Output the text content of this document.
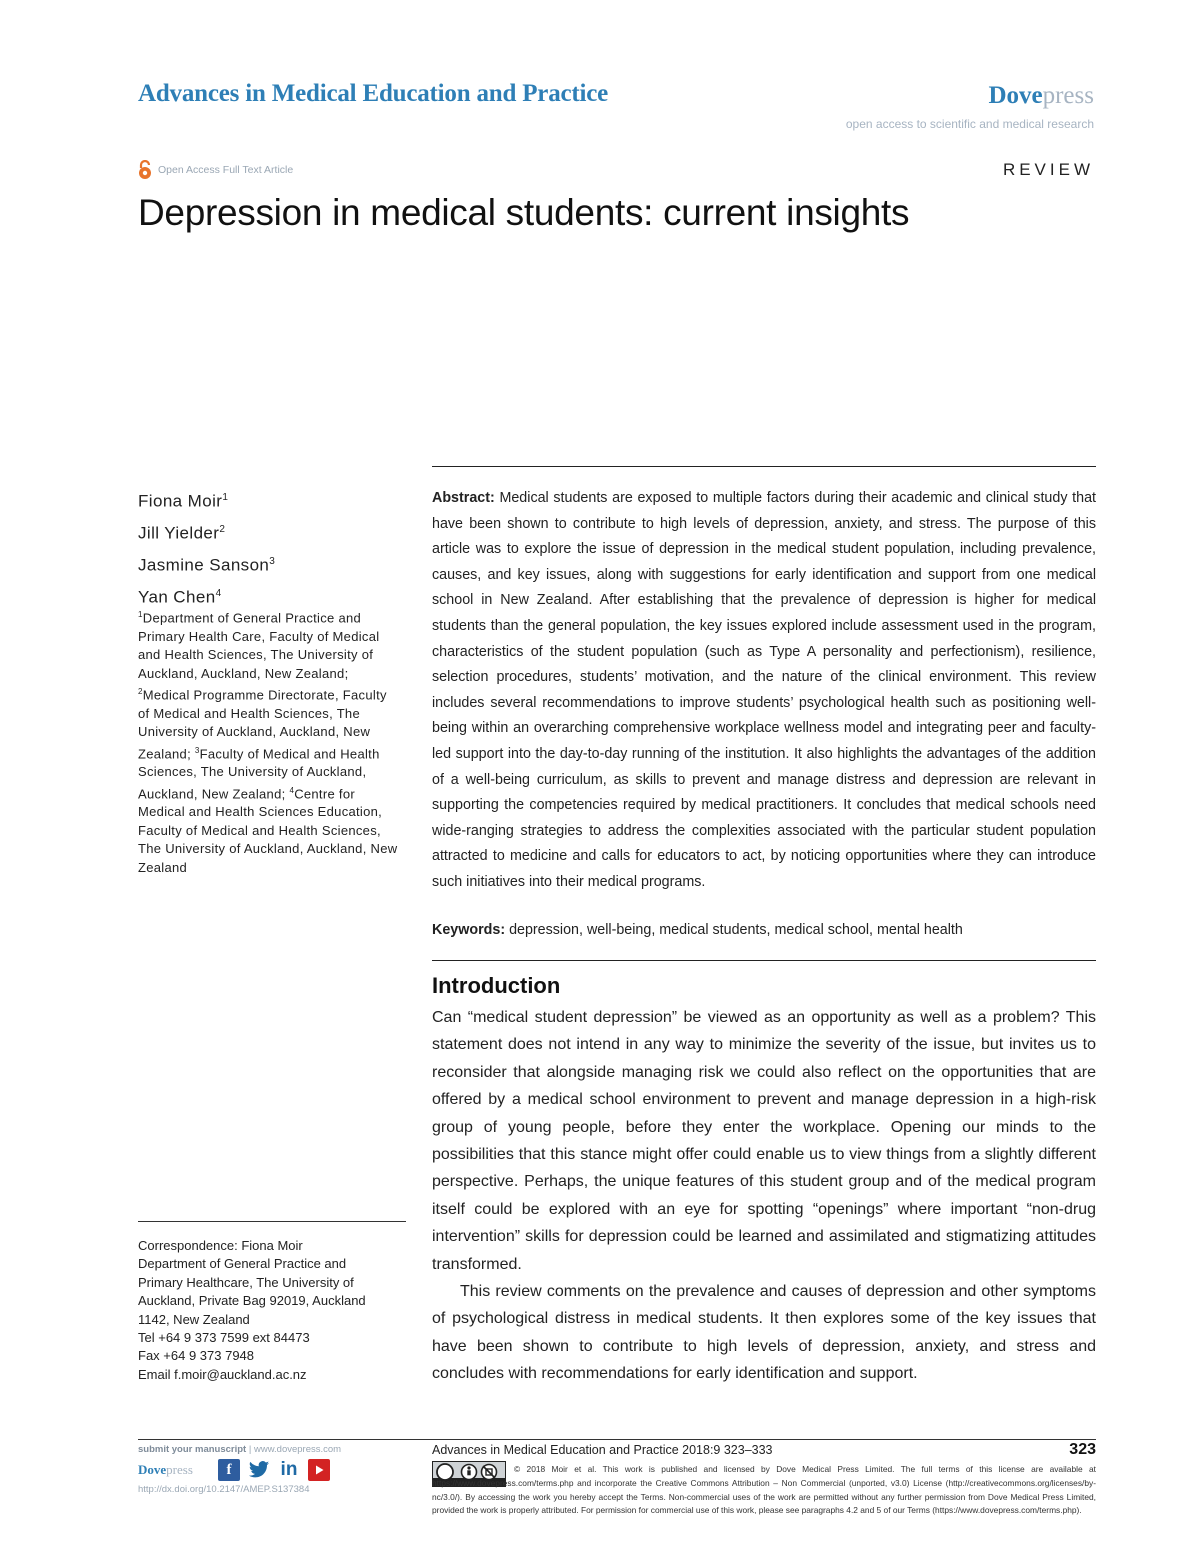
Advances in Medical Education and Practice	Dovepress
open access to scientific and medical research
Open Access Full Text Article	REVIEW
Depression in medical students: current insights
Fiona Moir$^1$
Jill Yielder$^2$
Jasmine Sanson$^3$
Yan Chen$^4$
$^1$Department of General Practice and Primary Health Care, Faculty of Medical and Health Sciences, The University of Auckland, Auckland, New Zealand; $^2$Medical Programme Directorate, Faculty of Medical and Health Sciences, The University of Auckland, Auckland, New Zealand; $^3$Faculty of Medical and Health Sciences, The University of Auckland, Auckland, New Zealand; $^4$Centre for Medical and Health Sciences Education, Faculty of Medical and Health Sciences, The University of Auckland, Auckland, New Zealand
Correspondence: Fiona Moir
Department of General Practice and
Primary Healthcare, The University of
Auckland, Private Bag 92019, Auckland
1142, New Zealand
Tel +64 9 373 7599 ext 84473
Fax +64 9 373 7948
Email f.moir@auckland.ac.nz
Abstract: Medical students are exposed to multiple factors during their academic and clinical study that have been shown to contribute to high levels of depression, anxiety, and stress. The purpose of this article was to explore the issue of depression in the medical student population, including prevalence, causes, and key issues, along with suggestions for early identification and support from one medical school in New Zealand. After establishing that the prevalence of depression is higher for medical students than the general population, the key issues explored include assessment used in the program, characteristics of the student population (such as Type A personality and perfectionism), resilience, selection procedures, students’ motivation, and the nature of the clinical environment. This review includes several recommendations to improve students’ psychological health such as positioning well-being within an overarching comprehensive workplace wellness model and integrating peer and faculty-led support into the day-to-day running of the institution. It also highlights the advantages of the addition of a well-being curriculum, as skills to prevent and manage distress and depression are relevant in supporting the competencies required by medical practitioners. It concludes that medical schools need wide-ranging strategies to address the complexities associated with the particular student population attracted to medicine and calls for educators to act, by noticing opportunities where they can introduce such initiatives into their medical programs.
Keywords: depression, well-being, medical students, medical school, mental health
Introduction
Can “medical student depression” be viewed as an opportunity as well as a problem? This statement does not intend in any way to minimize the severity of the issue, but invites us to reconsider that alongside managing risk we could also reflect on the opportunities that are offered by a medical school environment to prevent and manage depression in a high-risk group of young people, before they enter the workplace. Opening our minds to the possibilities that this stance might offer could enable us to view things from a slightly different perspective. Perhaps, the unique features of this student group and of the medical program itself could be explored with an eye for spotting “openings” where important “non-drug intervention” skills for depression could be learned and assimilated and stigmatizing attitudes transformed.
This review comments on the prevalence and causes of depression and other symptoms of psychological distress in medical students. It then explores some of the key issues that have been shown to contribute to high levels of depression, anxiety, and stress and concludes with recommendations for early identification and support.
submit your manuscript | www.dovepress.com
Dovepress	f	in
http://dx.doi.org/10.2147/AMEP.S137384
Advances in Medical Education and Practice 2018:9 323–333	323
© 2018 Moir et al. This work is published and licensed by Dove Medical Press Limited. The full terms of this license are available at https://www.dovepress.com/terms.php and incorporate the Creative Commons Attribution – Non Commercial (unported, v3.0) License (http://creativecommons.org/licenses/by-nc/3.0/). By accessing the work you hereby accept the Terms. Non-commercial uses of the work are permitted without any further permission from Dove Medical Press Limited, provided the work is properly attributed. For permission for commercial use of this work, please see paragraphs 4.2 and 5 of our Terms (https://www.dovepress.com/terms.php).
